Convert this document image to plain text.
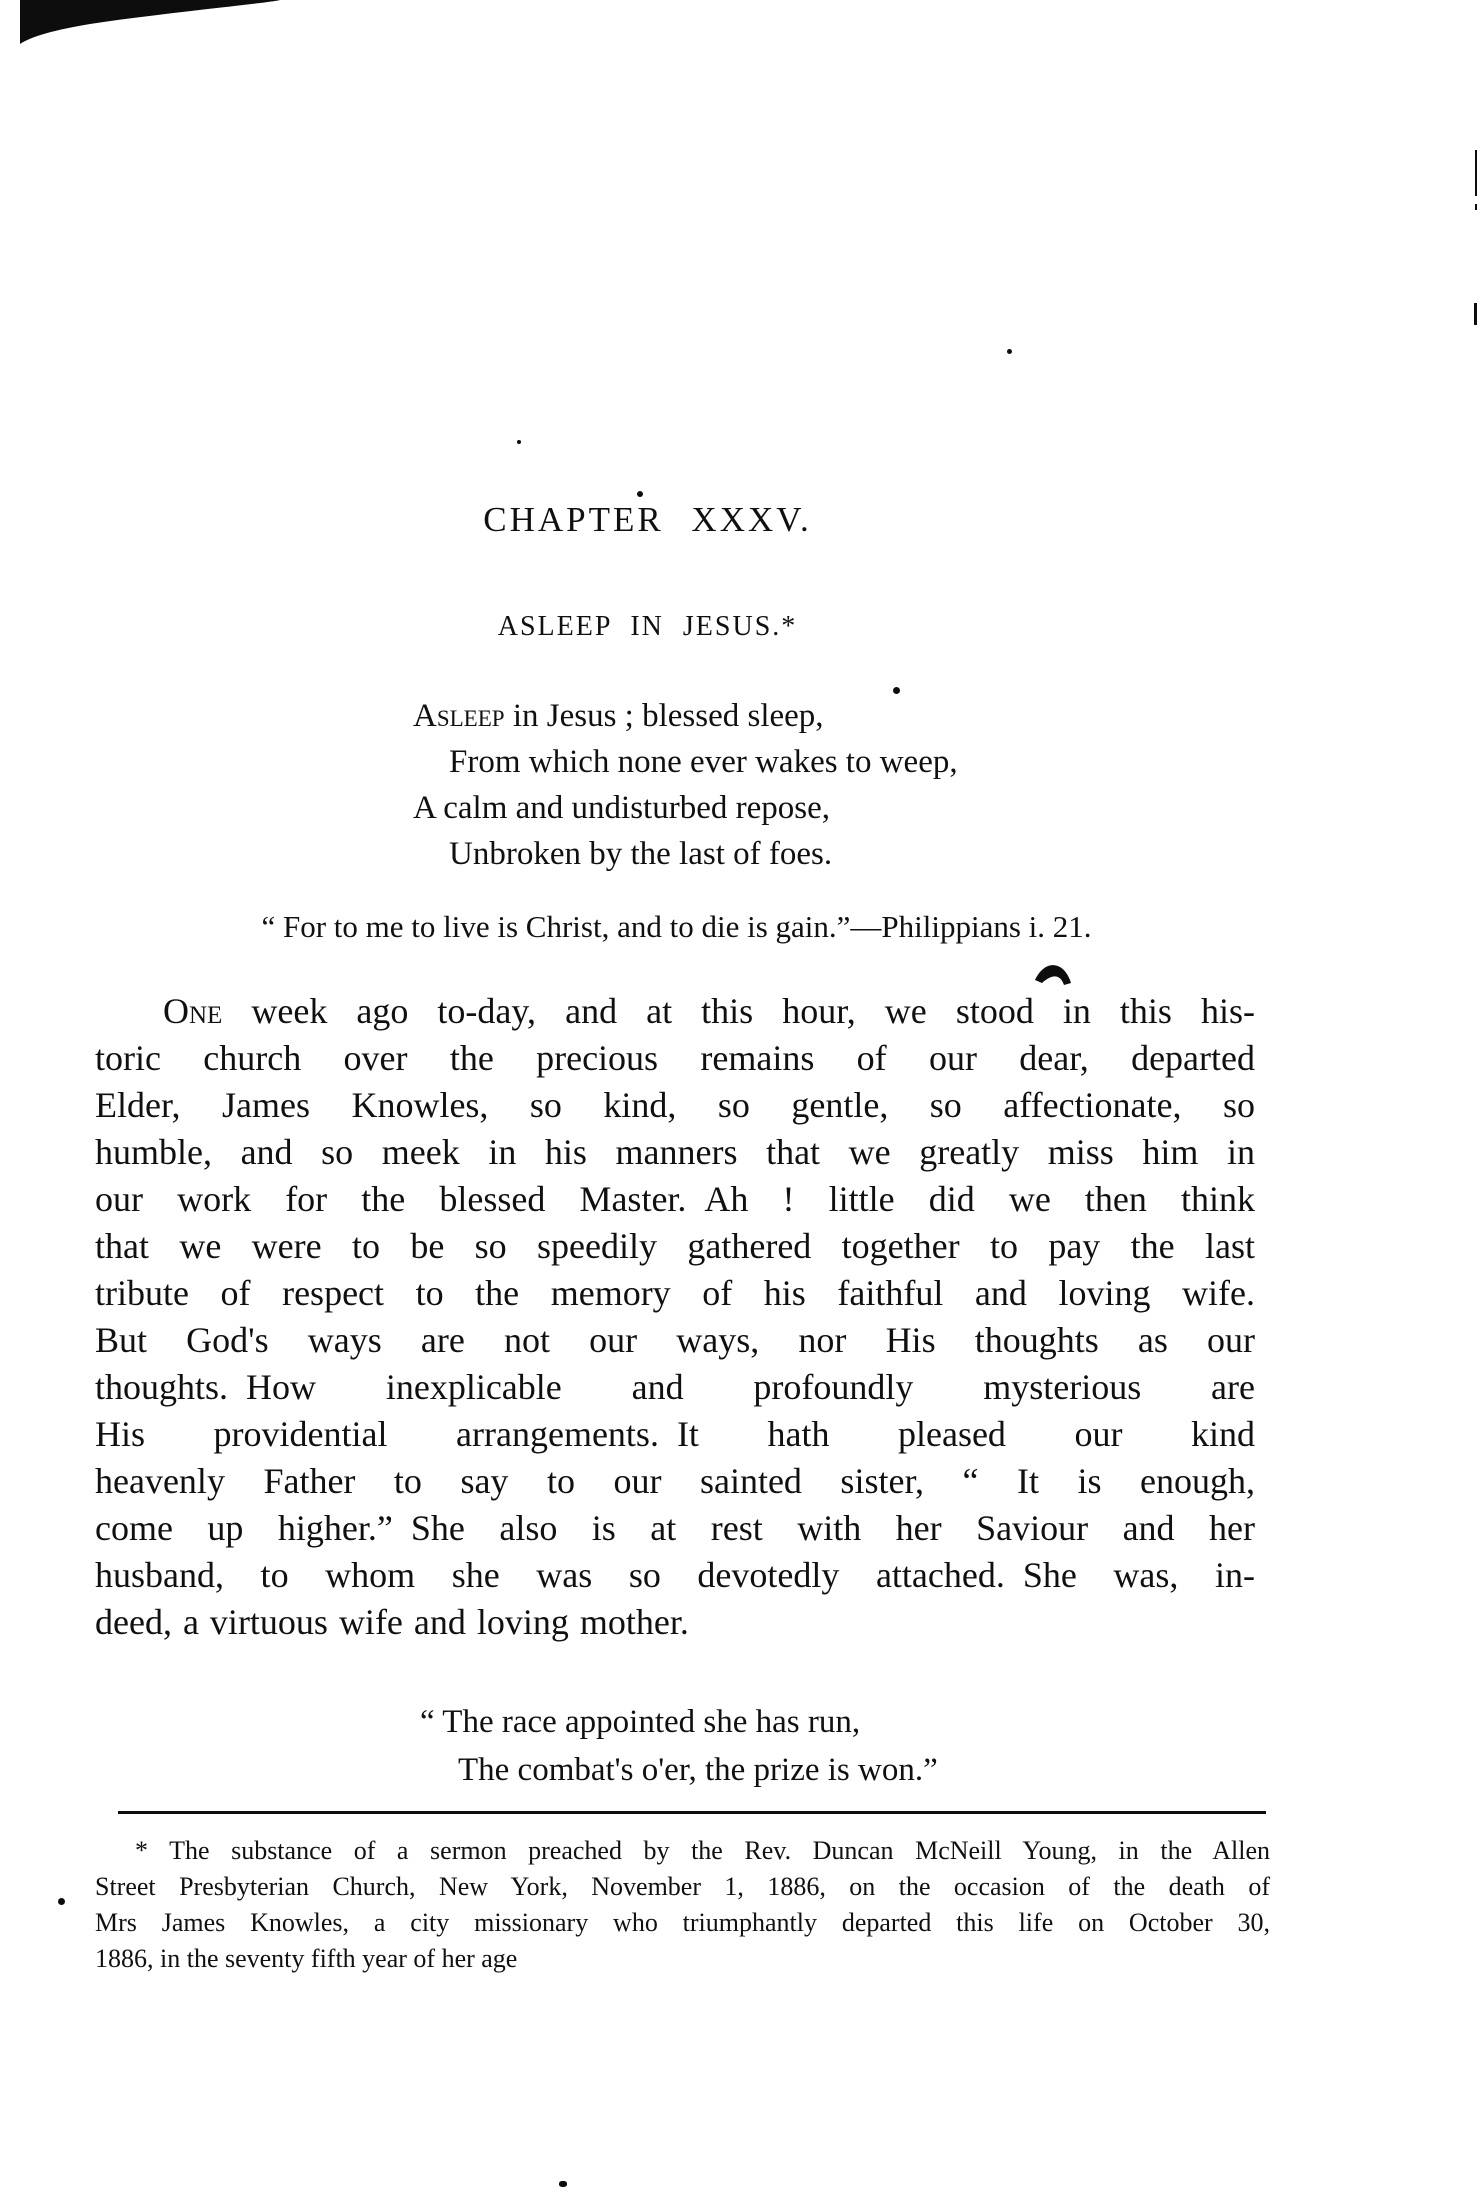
CHAPTER XXXV.
ASLEEP IN JESUS.*
Asleep in Jesus ; blessed sleep,
From which none ever wakes to weep,
A calm and undisturbed repose,
Unbroken by the last of foes.
“ For to me to live is Christ, and to die is gain.”—Philippians i. 21.
One week ago to-day, and at this hour, we stood in this his-
toric church over the precious remains of our dear, departed
Elder, James Knowles, so kind, so gentle, so affectionate, so
humble, and so meek in his manners that we greatly miss him in
our work for the blessed Master. Ah ! little did we then think
that we were to be so speedily gathered together to pay the last
tribute of respect to the memory of his faithful and loving wife.
But God's ways are not our ways, nor His thoughts as our
thoughts. How inexplicable and profoundly mysterious are
His providential arrangements. It hath pleased our kind
heavenly Father to say to our sainted sister, “ It is enough,
come up higher.” She also is at rest with her Saviour and her
husband, to whom she was so devotedly attached. She was, in-
deed, a virtuous wife and loving mother.
“ The race appointed she has run,
The combat's o'er, the prize is won.”
* The substance of a sermon preached by the Rev. Duncan McNeill Young, in the Allen
Street Presbyterian Church, New York, November 1, 1886, on the occasion of the death of
Mrs James Knowles, a city missionary who triumphantly departed this life on October 30,
1886, in the seventy fifth year of her age
